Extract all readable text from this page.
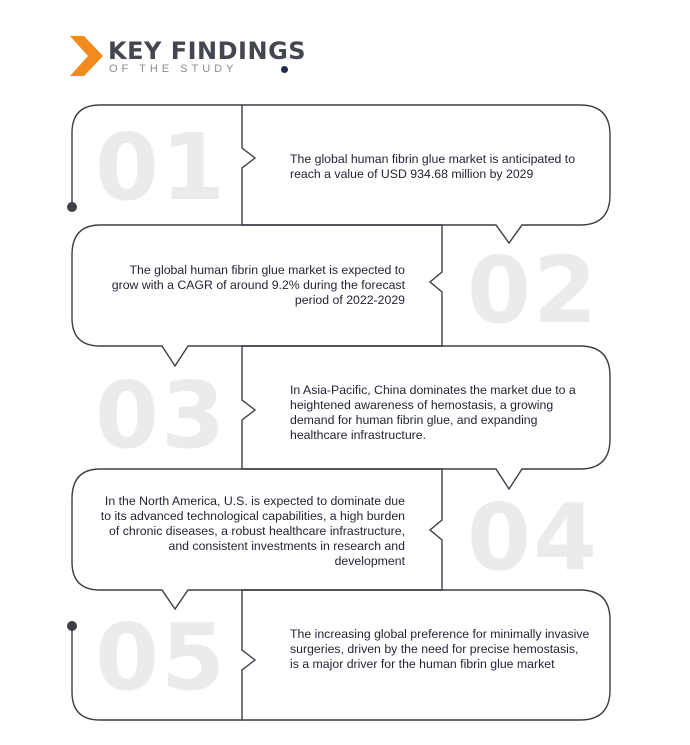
KEY FINDINGS
OF THE STUDY
01
02
03
04
05
The global human fibrin glue market is anticipated to reach a value of USD 934.68 million by 2029
The global human fibrin glue market is expected to grow with a CAGR of around 9.2% during the forecast period of 2022-2029
In Asia-Pacific, China dominates the market due to a heightened awareness of hemostasis, a growing demand for human fibrin glue, and expanding healthcare infrastructure.
In the North America, U.S. is expected to dominate due to its advanced technological capabilities, a high burden of chronic diseases, a robust healthcare infrastructure, and consistent investments in research and development
The increasing global preference for minimally invasive surgeries, driven by the need for precise hemostasis, is a major driver for the human fibrin glue market
